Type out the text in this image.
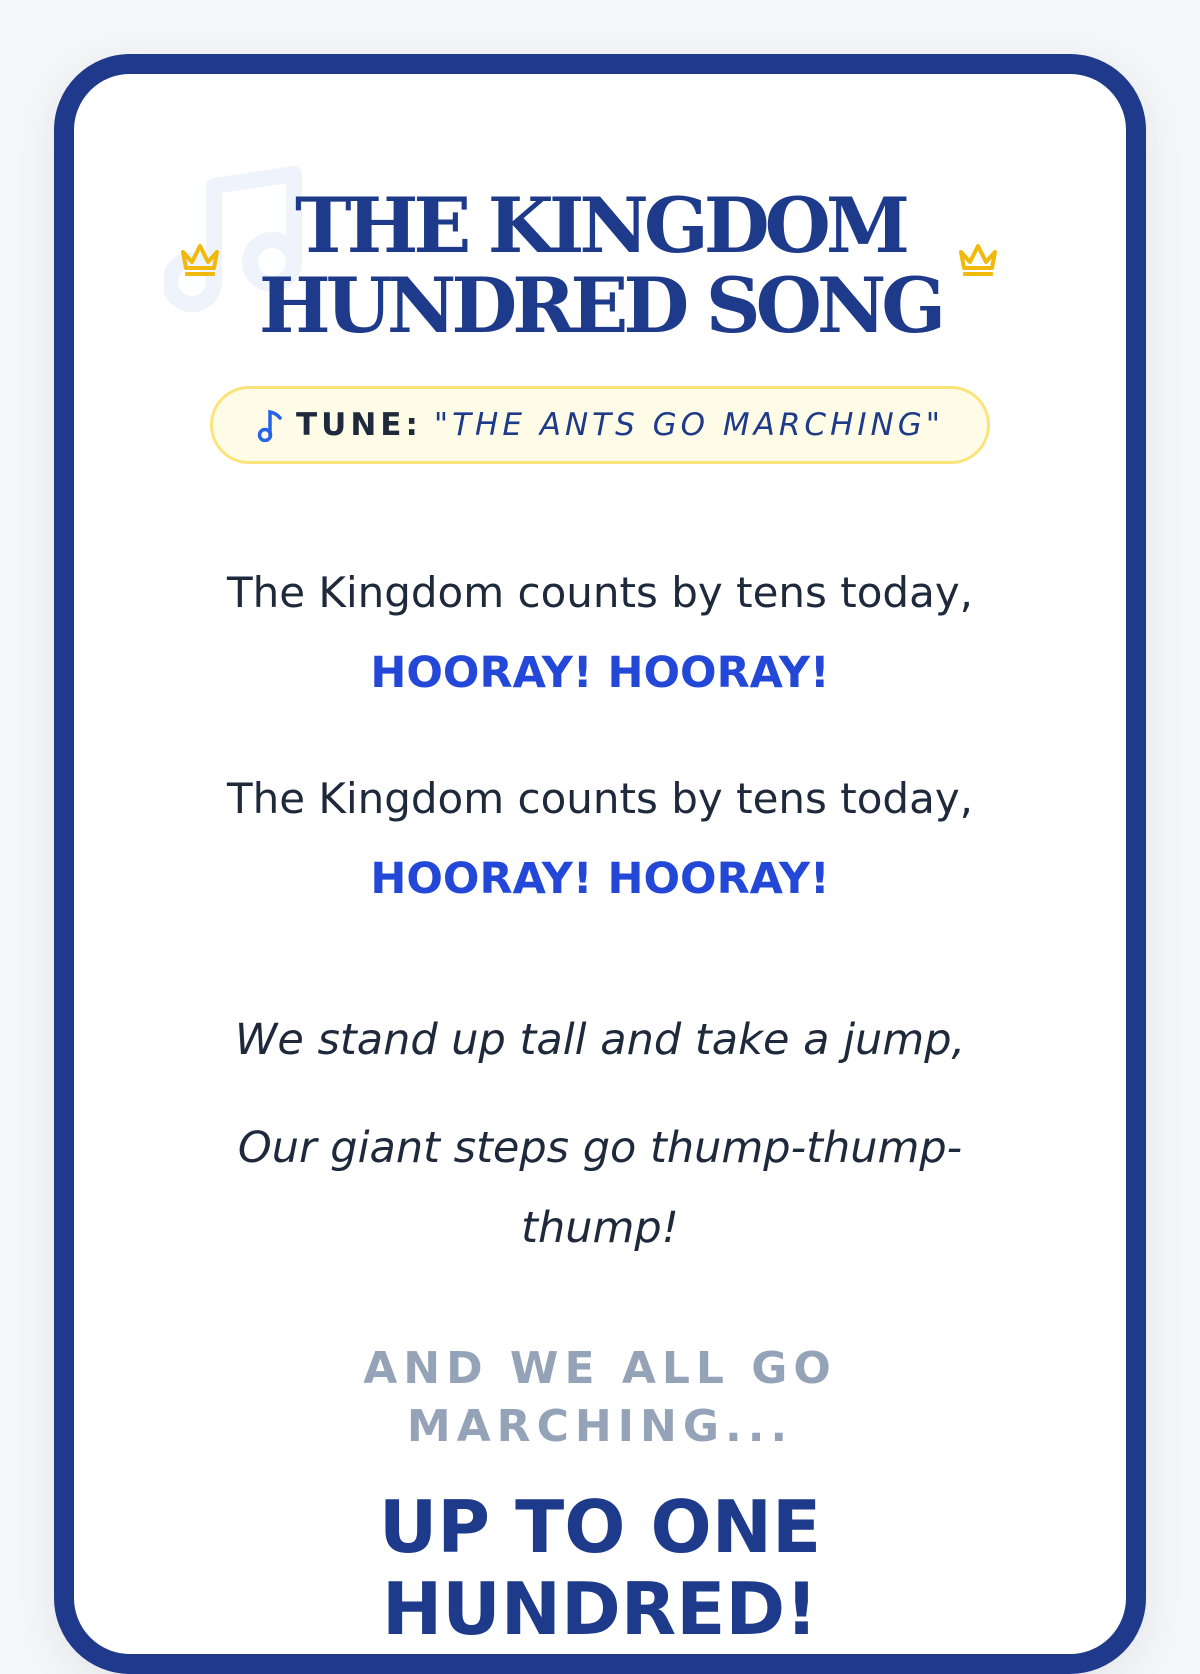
THE KINGDOM
HUNDRED SONG
TUNE: "THE ANTS GO MARCHING"

The Kingdom counts by tens today,

HOORAY! HOORAY!

The Kingdom counts by tens today,

HOORAY! HOORAY!

We stand up tall and take a jump,

Our giant steps go thump-thump-thump!

AND WE ALL GO MARCHING...

UP TO ONE HUNDRED!
